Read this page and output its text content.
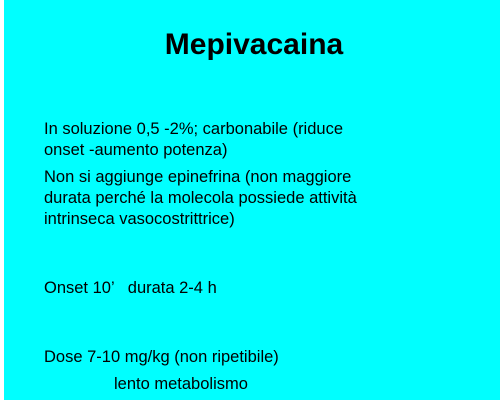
Mepivacaina
In soluzione 0,5 -2%; carbonabile (riduce
onset -aumento potenza)
Non si aggiunge epinefrina (non maggiore
durata perché la molecola possiede attività
intrinseca vasocostrittrice)

Onset 10’   durata 2-4 h

Dose 7-10 mg/kg (non ripetibile)
lento metabolismo
